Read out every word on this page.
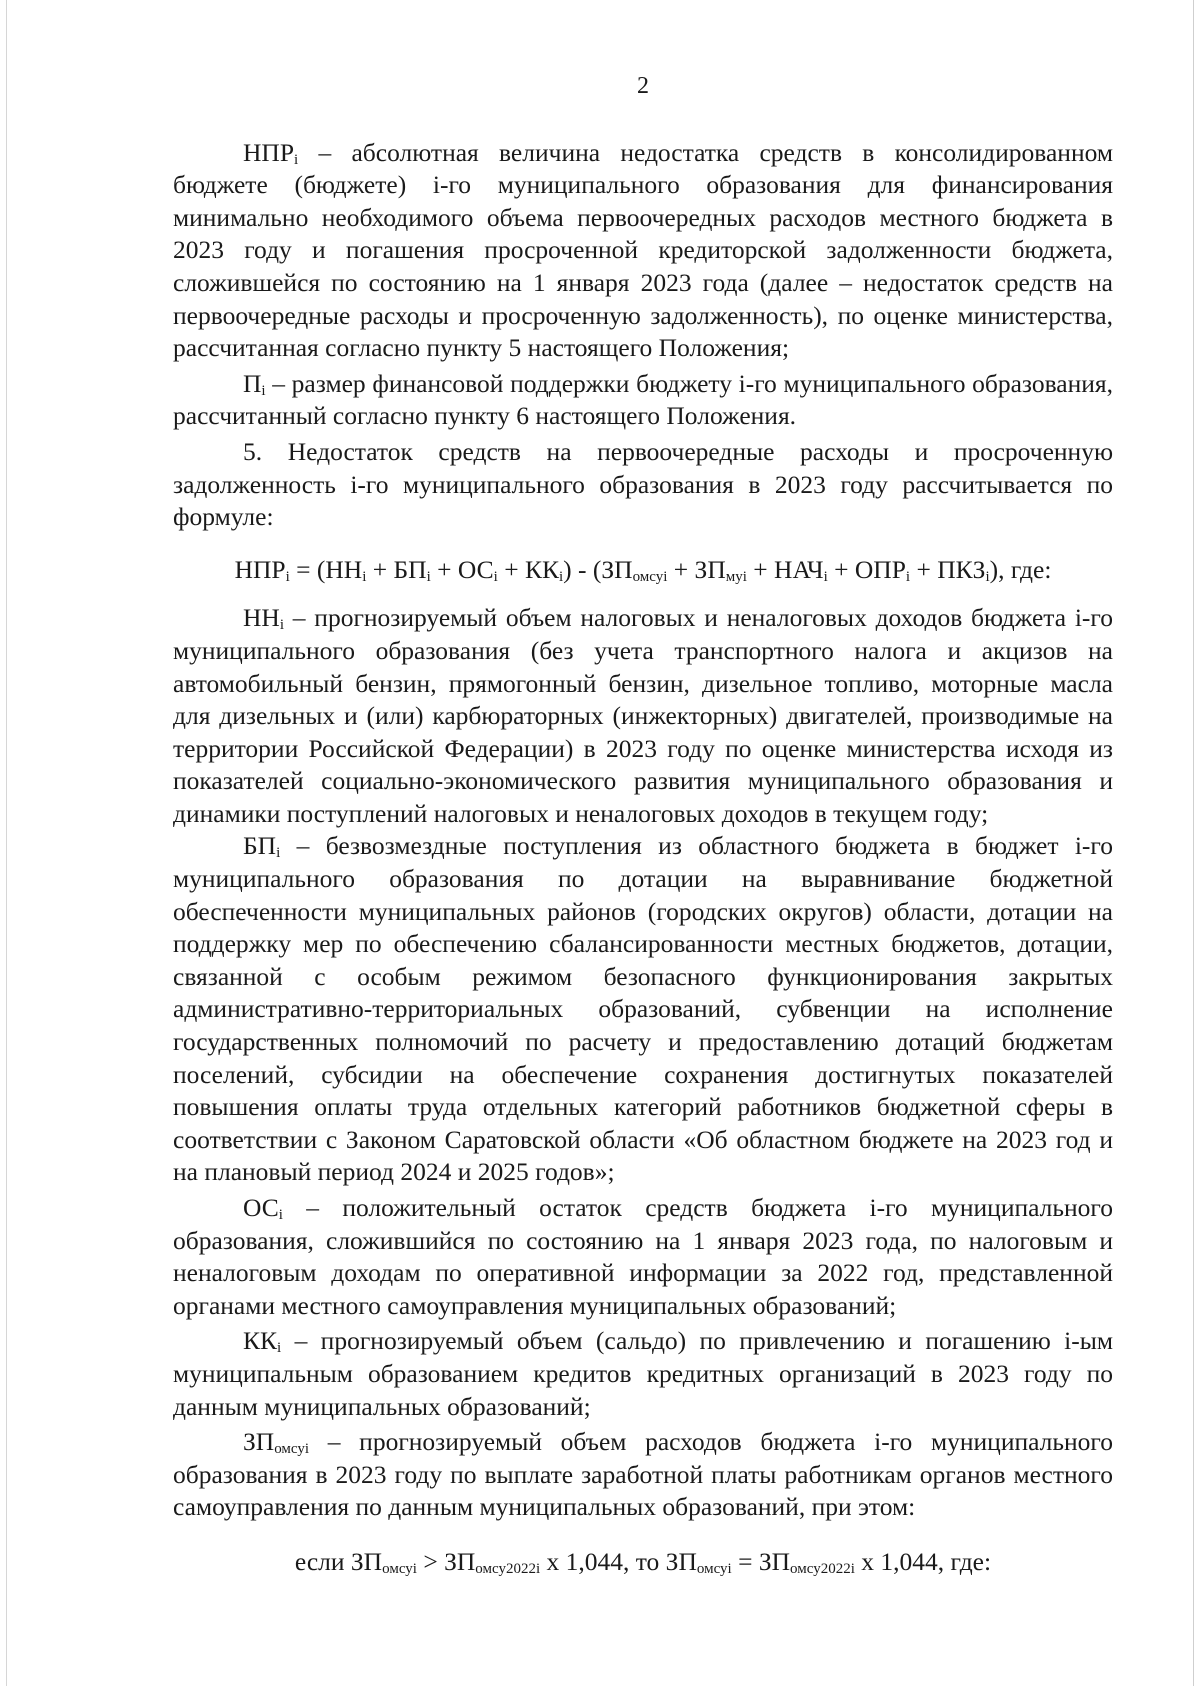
2

$НПР_i$ – абсолютная величина недостатка средств в консолидированном бюджете (бюджете) i-го муниципального образования для финансирования минимально необходимого объема первоочередных расходов местного бюджета в 2023 году и погашения просроченной кредиторской задолженности бюджета, сложившейся по состоянию на 1 января 2023 года (далее – недостаток средств на первоочередные расходы и просроченную задолженность), по оценке министерства, рассчитанная согласно пункту 5 настоящего Положения;

$П_i$ – размер финансовой поддержки бюджету i-го муниципального образования, рассчитанный согласно пункту 6 настоящего Положения.

5. Недостаток средств на первоочередные расходы и просроченную задолженность i-го муниципального образования в 2023 году рассчитывается по формуле:

$НПР_i = (НН_i + БП_i + ОС_i + КК_i) - (ЗП_{омсуi} + ЗП_{муi} + НАЧ_i + ОПР_i + ПКЗ_i)$, где:

$НН_i$ – прогнозируемый объем налоговых и неналоговых доходов бюджета i-го муниципального образования (без учета транспортного налога и акцизов на автомобильный бензин, прямогонный бензин, дизельное топливо, моторные масла для дизельных и (или) карбюраторных (инжекторных) двигателей, производимые на территории Российской Федерации) в 2023 году по оценке министерства исходя из показателей социально-экономического развития муниципального образования и динамики поступлений налоговых и неналоговых доходов в текущем году;

$БП_i$ – безвозмездные поступления из областного бюджета в бюджет i-го муниципального образования по дотации на выравнивание бюджетной обеспеченности муниципальных районов (городских округов) области, дотации на поддержку мер по обеспечению сбалансированности местных бюджетов, дотации, связанной с особым режимом безопасного функционирования закрытых административно-территориальных образований, субвенции на исполнение государственных полномочий по расчету и предоставлению дотаций бюджетам поселений, субсидии на обеспечение сохранения достигнутых показателей повышения оплаты труда отдельных категорий работников бюджетной сферы в соответствии с Законом Саратовской области «Об областном бюджете на 2023 год и на плановый период 2024 и 2025 годов»;

$ОС_i$ – положительный остаток средств бюджета i-го муниципального образования, сложившийся по состоянию на 1 января 2023 года, по налоговым и неналоговым доходам по оперативной информации за 2022 год, представленной органами местного самоуправления муниципальных образований;

$КК_i$ – прогнозируемый объем (сальдо) по привлечению и погашению i-ым муниципальным образованием кредитов кредитных организаций в 2023 году по данным муниципальных образований;

$ЗП_{омсуi}$ – прогнозируемый объем расходов бюджета i-го муниципального образования в 2023 году по выплате заработной платы работникам органов местного самоуправления по данным муниципальных образований, при этом:

если $ЗП_{омсуi} > ЗП_{омсу2022i}$ х 1,044, то $ЗП_{омсуi} = ЗП_{омсу2022i}$ х 1,044, где:
